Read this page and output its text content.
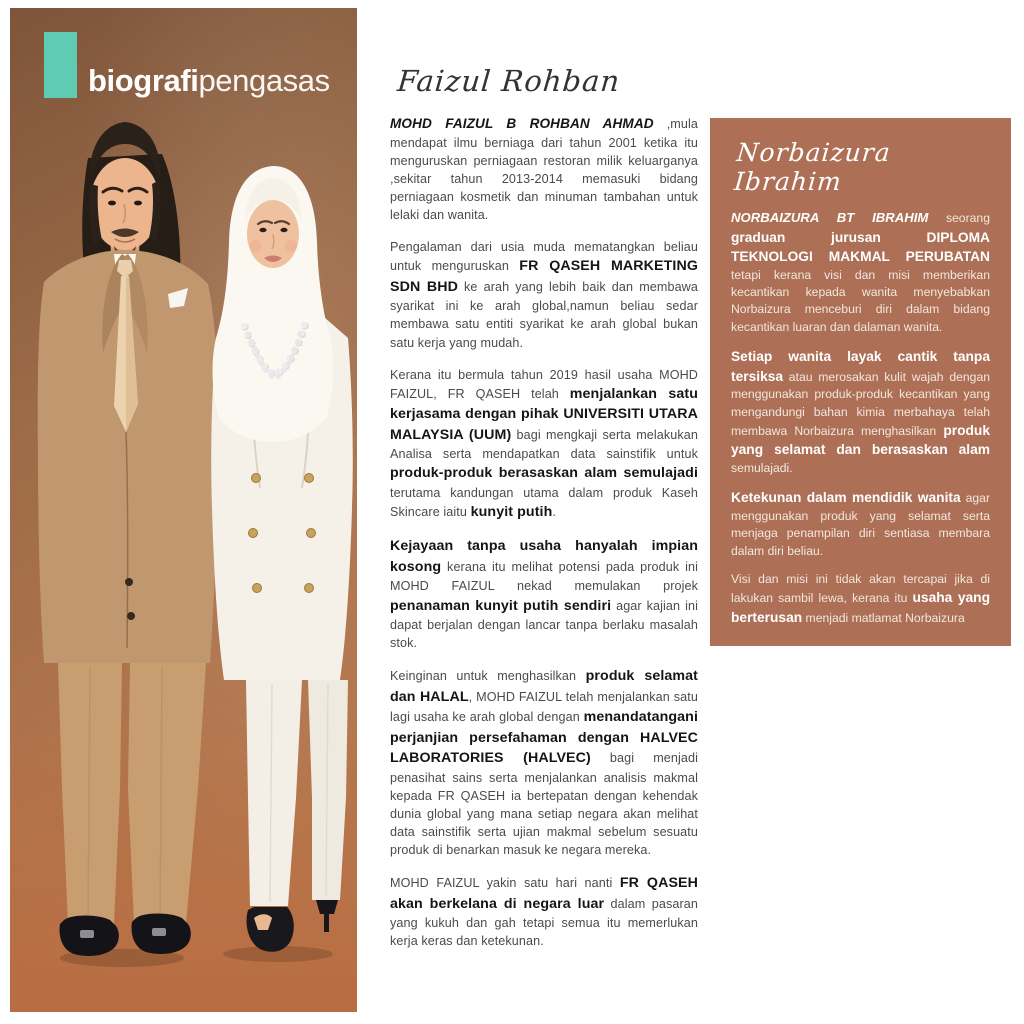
biografipengasas Faizul Rohban

MOHD FAIZUL B ROHBAN AHMAD ,mula mendapat ilmu berniaga dari tahun 2001 ketika itu menguruskan perniagaan restoran milik keluarganya ,sekitar tahun 2013-2014 memasuki bidang perniagaan kosmetik dan minuman tambahan untuk lelaki dan wanita.

Pengalaman dari usia muda mematangkan beliau untuk menguruskan FR QASEH MARKETING SDN BHD ke arah yang lebih baik dan membawa syarikat ini ke arah global,namun beliau sedar membawa satu entiti syarikat ke arah global bukan satu kerja yang mudah.

Kerana itu bermula tahun 2019 hasil usaha MOHD FAIZUL, FR QASEH telah menjalankan satu kerjasama dengan pihak UNIVERSITI UTARA MALAYSIA (UUM) bagi mengkaji serta melakukan Analisa serta mendapatkan data sainstifik untuk produk-produk berasaskan alam semulajadi terutama kandungan utama dalam produk Kaseh Skincare iaitu kunyit putih.

Kejayaan tanpa usaha hanyalah impian kosong kerana itu melihat potensi pada produk ini MOHD FAIZUL nekad memulakan projek penanaman kunyit putih sendiri agar kajian ini dapat berjalan dengan lancar tanpa berlaku masalah stok.

Keinginan untuk menghasilkan produk selamat dan HALAL, MOHD FAIZUL telah menjalankan satu lagi usaha ke arah global dengan menandatangani perjanjian persefahaman dengan HALVEC LABORATORIES (HALVEC) bagi menjadi penasihat sains serta menjalankan analisis makmal kepada FR QASEH ia bertepatan dengan kehendak dunia global yang mana setiap negara akan melihat data sainstifik serta ujian makmal sebelum sesuatu produk di benarkan masuk ke negara mereka.

MOHD FAIZUL yakin satu hari nanti FR QASEH akan berkelana di negara luar dalam pasaran yang kukuh dan gah tetapi semua itu memerlukan kerja keras dan ketekunan.

Norbaizura Ibrahim

NORBAIZURA BT IBRAHIM seorang graduan jurusan DIPLOMA TEKNOLOGI MAKMAL PERUBATAN tetapi kerana visi dan misi memberikan kecantikan kepada wanita menyebabkan Norbaizura menceburi diri dalam bidang kecantikan luaran dan dalaman wanita.

Setiap wanita layak cantik tanpa tersiksa atau merosakan kulit wajah dengan menggunakan produk-produk kecantikan yang mengandungi bahan kimia merbahaya telah membawa Norbaizura menghasilkan produk yang selamat dan berasaskan alam semulajadi.

Ketekunan dalam mendidik wanita agar menggunakan produk yang selamat serta menjaga penampilan diri sentiasa membara dalam diri beliau.

Visi dan misi ini tidak akan tercapai jika di lakukan sambil lewa, kerana itu usaha yang berterusan menjadi matlamat Norbaizura
